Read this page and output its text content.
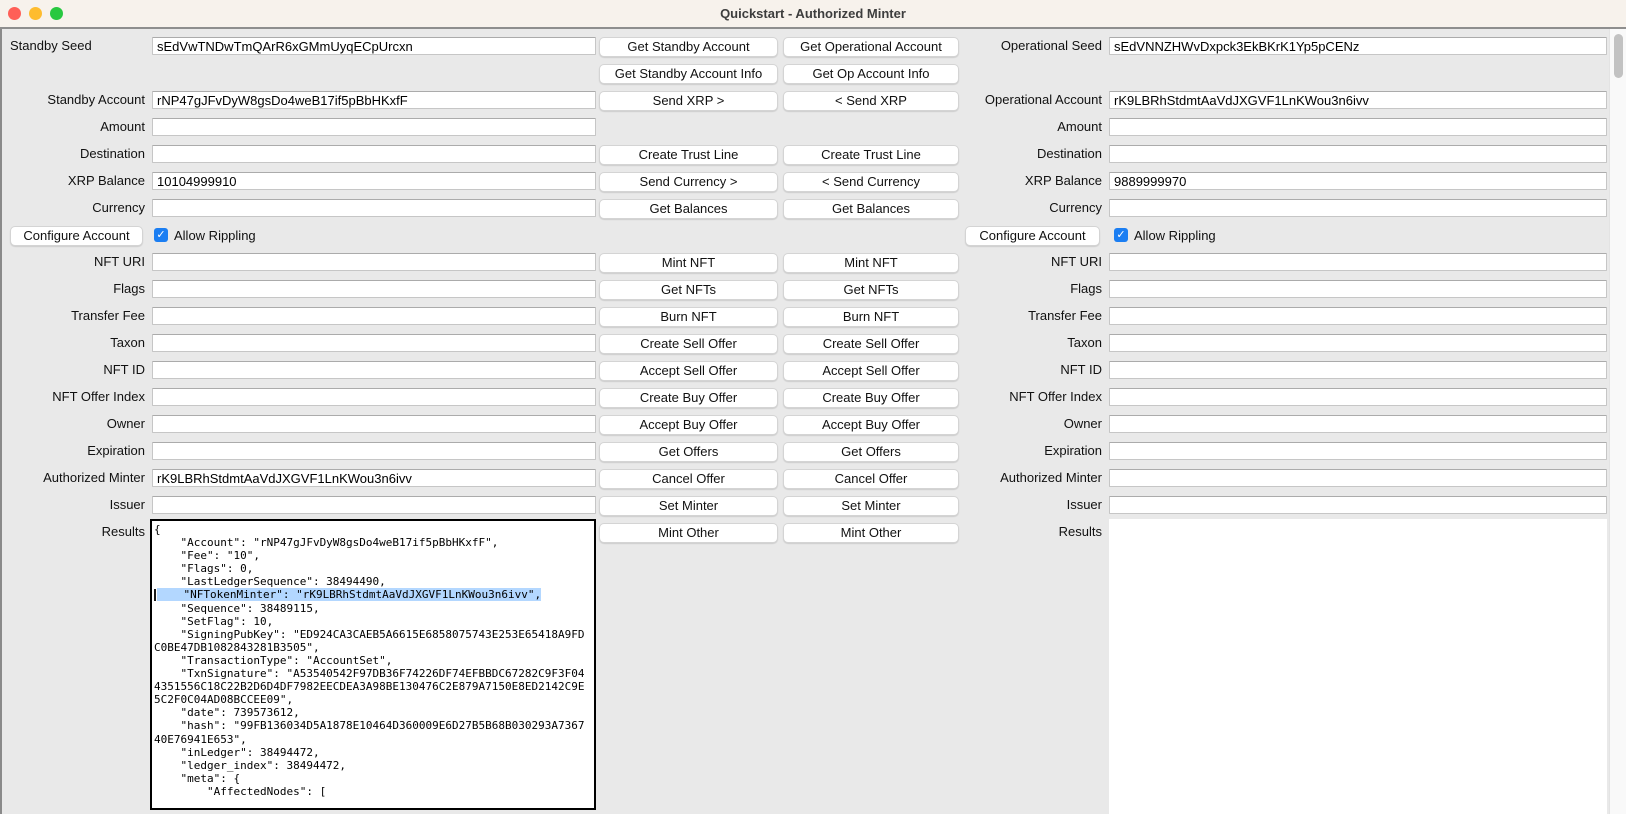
Quickstart - Authorized Minter
{
"Account": "rNP47gJFvDyW8gsDo4weB17if5pBbHKxfF",
"Fee": "10",
"Flags": 0,
"LastLedgerSequence": 38494490,
"NFTokenMinter": "rK9LBRhStdmtAaVdJXGVF1LnKWou3n6ivv",
"Sequence": 38489115,
"SetFlag": 10,
"SigningPubKey": "ED924CA3CAEB5A6615E6858075743E253E65418A9FD
C0BE47DB1082843281B3505",
"TransactionType": "AccountSet",
"TxnSignature": "A53540542F97DB36F74226DF74EFBBDC67282C9F3F04
4351556C18C22B2D6D4DF7982EECDEA3A98BE130476C2E879A7150E8ED2142C9E
5C2F0C04AD08BCCEE09",
"date": 739573612,
"hash": "99FB136034D5A1878E10464D360009E6D27B5B68B030293A7367
40E76941E653",
"inLedger": 38494472,
"ledger_index": 38494472,
"meta": {
"AffectedNodes": [
Standby Seed
sEdVwTNDwTmQArR6xGMmUyqECpUrcxn
Standby Account
rNP47gJFvDyW8gsDo4weB17if5pBbHKxfF
Amount
Destination
XRP Balance
10104999910
Currency
NFT URI
Flags
Transfer Fee
Taxon
NFT ID
NFT Offer Index
Owner
Expiration
Authorized Minter
rK9LBRhStdmtAaVdJXGVF1LnKWou3n6ivv
Issuer
Configure Account	✓ Allow Rippling
Results
Operational Seed
sEdVNNZHWvDxpck3EkBKrK1Yp5pCENz
Operational Account
rK9LBRhStdmtAaVdJXGVF1LnKWou3n6ivv
Amount
Destination
XRP Balance
9889999970
Currency
NFT URI
Flags
Transfer Fee
Taxon
NFT ID
NFT Offer Index
Owner
Expiration
Authorized Minter
Issuer
Configure Account	✓ Allow Rippling
Results
Get Standby Account
Get Standby Account Info
Send XRP >
Create Trust Line
Send Currency >
Get Balances
Mint NFT
Get NFTs
Burn NFT
Create Sell Offer
Accept Sell Offer
Create Buy Offer
Accept Buy Offer
Get Offers
Cancel Offer
Set Minter
Mint Other
Get Operational Account
Get Op Account Info
< Send XRP
Create Trust Line
< Send Currency
Get Balances
Mint NFT
Get NFTs
Burn NFT
Create Sell Offer
Accept Sell Offer
Create Buy Offer
Accept Buy Offer
Get Offers
Cancel Offer
Set Minter
Mint Other
